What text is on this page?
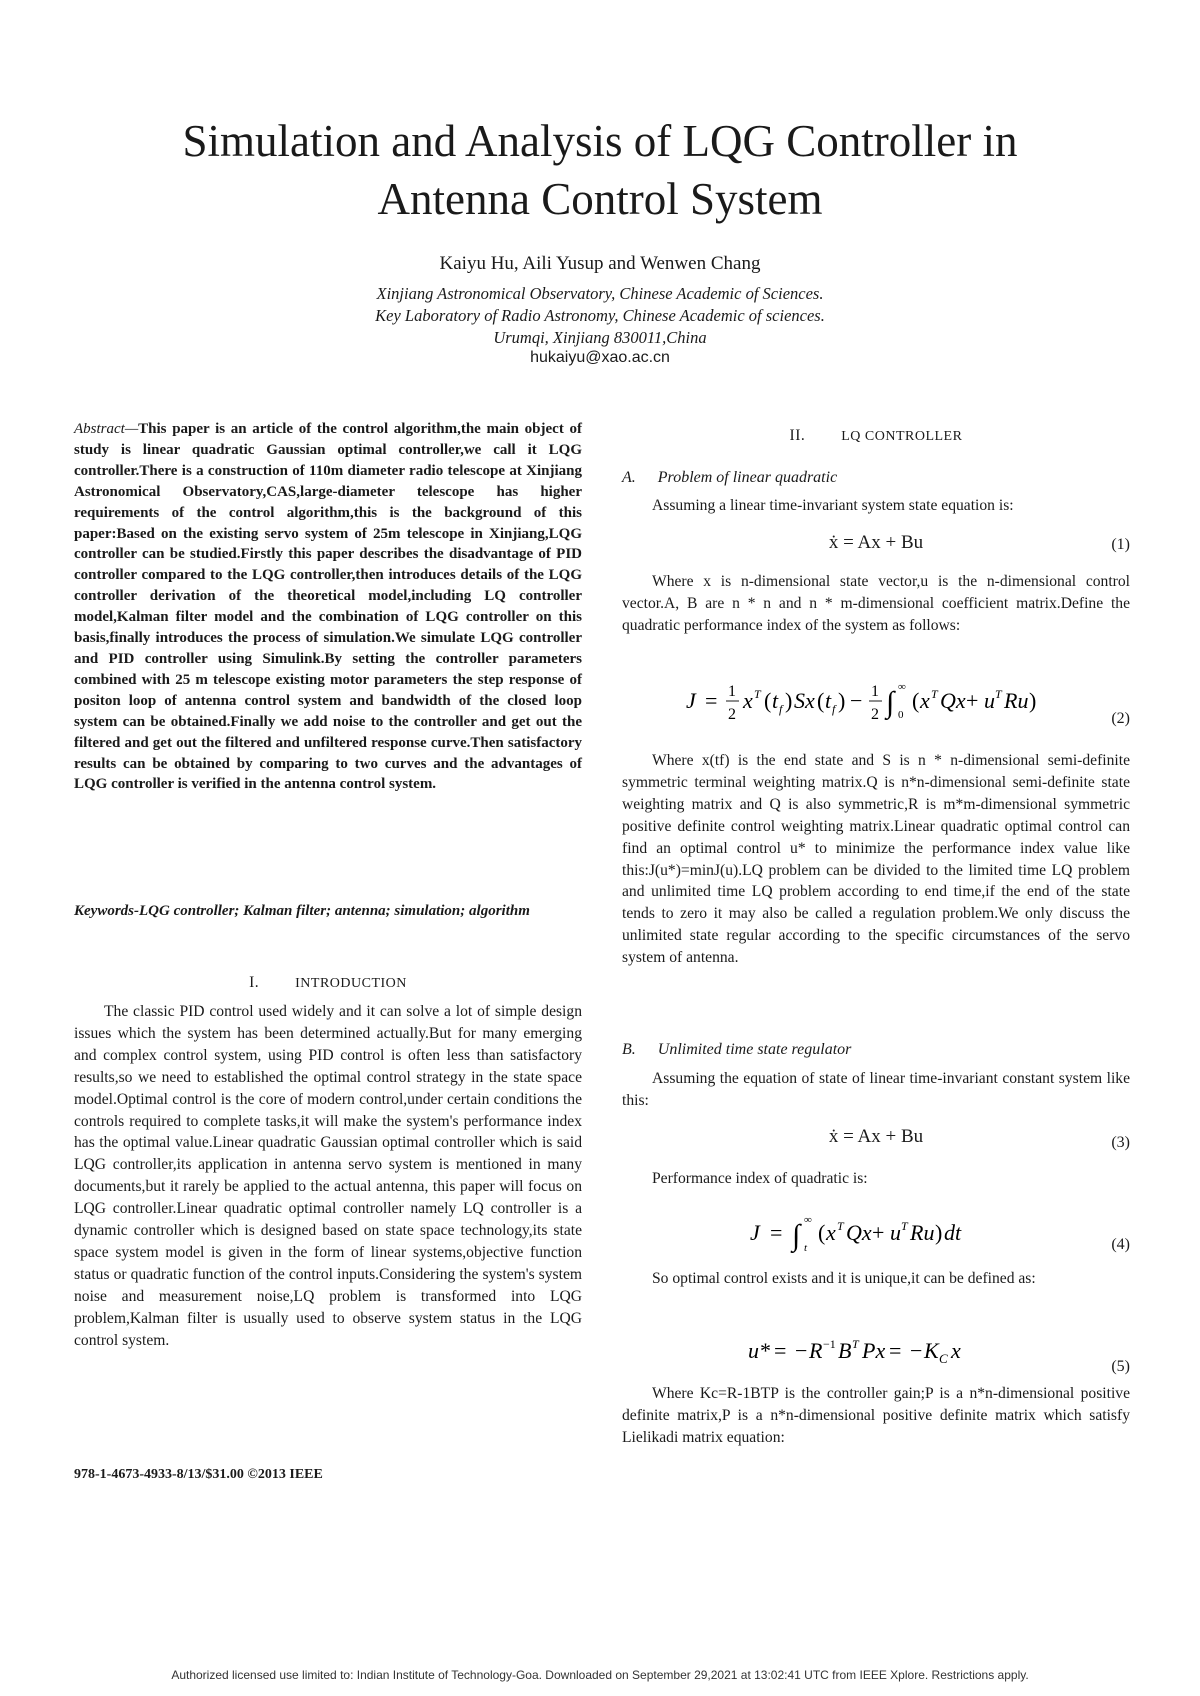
Simulation and Analysis of LQG Controller in
Antenna Control System
Kaiyu Hu, Aili Yusup and Wenwen Chang
Xinjiang Astronomical Observatory, Chinese Academic of Sciences.
Key Laboratory of Radio Astronomy, Chinese Academic of sciences.
Urumqi, Xinjiang 830011,China
hukaiyu@xao.ac.cn
Abstract—This paper is an article of the control algorithm,the main object of study is linear quadratic Gaussian optimal controller,we call it LQG controller.There is a construction of 110m diameter radio telescope at Xinjiang Astronomical Observatory,CAS,large-diameter telescope has higher requirements of the control algorithm,this is the background of this paper:Based on the existing servo system of 25m telescope in Xinjiang,LQG controller can be studied.Firstly this paper describes the disadvantage of PID controller compared to the LQG controller,then introduces details of the LQG controller derivation of the theoretical model,including LQ controller model,Kalman filter model and the combination of LQG controller on this basis,finally introduces the process of simulation.We simulate LQG controller and PID controller using Simulink.By setting the controller parameters combined with 25 m telescope existing motor parameters the step response of positon loop of antenna control system and bandwidth of the closed loop system can be obtained.Finally we add noise to the controller and get out the filtered and get out the filtered and unfiltered response curve.Then satisfactory results can be obtained by comparing to two curves and the advantages of LQG controller is verified in the antenna control system.
Keywords-LQG controller; Kalman filter; antenna; simulation; algorithm
I.	INTRODUCTION

The classic PID control used widely and it can solve a lot of simple design issues which the system has been determined actually.But for many emerging and complex control system, using PID control is often less than satisfactory results,so we need to established the optimal control strategy in the state space model.Optimal control is the core of modern control,under certain conditions the controls required to complete tasks,it will make the system's performance index has the optimal value.Linear quadratic Gaussian optimal controller which is said LQG controller,its application in antenna servo system is mentioned in many documents,but it rarely be applied to the actual antenna, this paper will focus on LQG controller.Linear quadratic optimal controller namely LQ controller is a dynamic controller which is designed based on state space technology,its state space system model is given in the form of linear systems,objective function status or quadratic function of the control inputs.Considering the system's system noise and measurement noise,LQ problem is transformed into LQG problem,Kalman filter is usually used to observe system status in the LQG control system.

978-1-4673-4933-8/13/$31.00 ©2013 IEEE
II.	LQ CONTROLLER
A. Problem of linear quadratic

Assuming a linear time-invariant system state equation is:

ẋ = Ax + Bu	(1)

Where x is n-dimensional state vector,u is the n-dimensional control vector.A, B are n * n and n * m-dimensional coefficient matrix.Define the quadratic performance index of the system as follows:

J = 1
2
x T ( t f ) Sx ( t f ) − 1
2 ∫ ∞
0
( x T Qx + u T Ru )
(2)

Where x(tf) is the end state and S is n * n-dimensional semi-definite symmetric terminal weighting matrix.Q is n*n-dimensional semi-definite state weighting matrix and Q is also symmetric,R is m*m-dimensional symmetric positive definite control weighting matrix.Linear quadratic optimal control can find an optimal control u* to minimize the performance index value like this:J(u*)=minJ(u).LQ problem can be divided to the limited time LQ problem and unlimited time LQ problem according to end time,if the end of the state tends to zero it may also be called a regulation problem.We only discuss the unlimited state regular according to the specific circumstances of the servo system of antenna.

B. Unlimited time state regulator

Assuming the equation of state of linear time-invariant constant system like this:

ẋ = Ax + Bu	(3)

Performance index of quadratic is:

J = ∫ ∞
t
( x T Qx + u T Ru ) dt	(4)

So optimal control exists and it is unique,it can be defined as:

u * = − R −1 B T Px = − K C x
(5)

Where Kc=R-1BTP is the controller gain;P is a n*n-dimensional positive definite matrix,P is a n*n-dimensional positive definite matrix which satisfy Lielikadi matrix equation:

Authorized licensed use limited to: Indian Institute of Technology-Goa. Downloaded on September 29,2021 at 13:02:41 UTC from IEEE Xplore. Restrictions apply.
